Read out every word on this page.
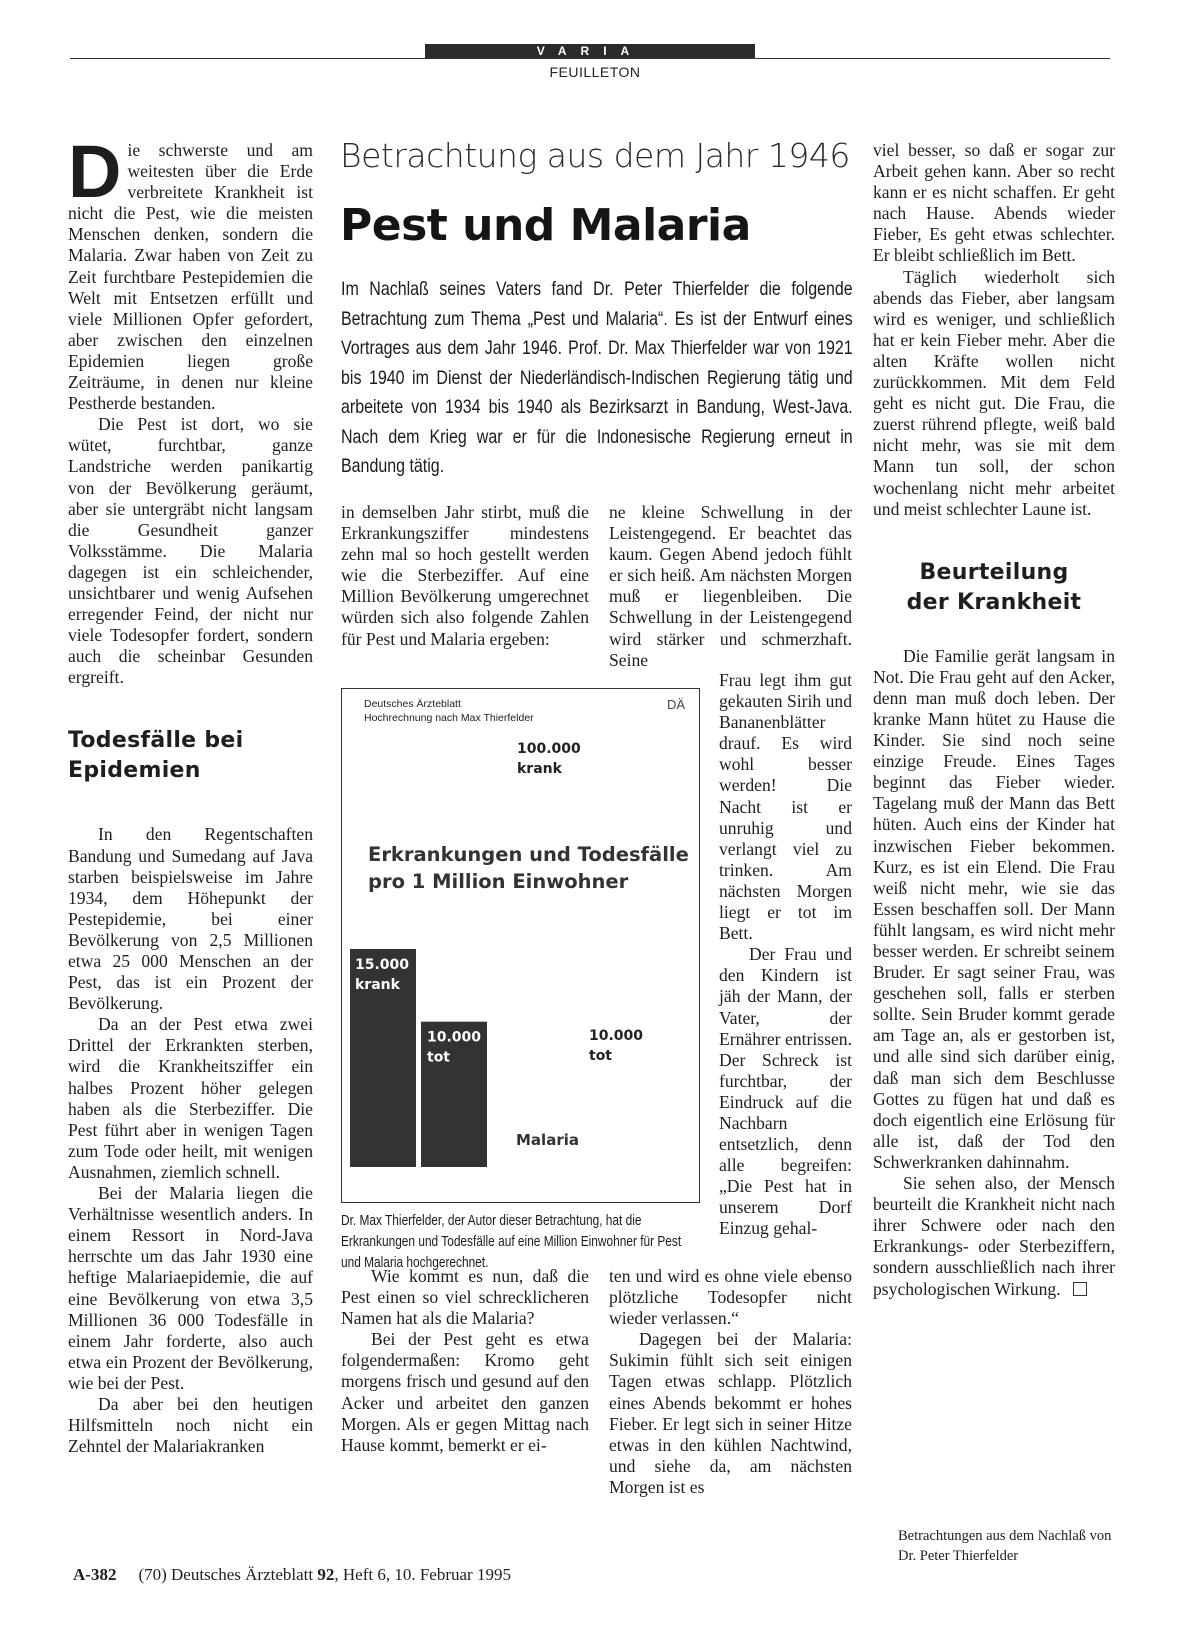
VARIA
FEUILLETON

Die schwerste und am weitesten über die Erde verbreitete Krankheit ist nicht die Pest, wie die meisten Menschen denken, sondern die Malaria. Zwar haben von Zeit zu Zeit furchtbare Pestepidemien die Welt mit Entsetzen erfüllt und viele Millionen Opfer gefordert, aber zwischen den einzelnen Epidemien liegen große Zeiträume, in denen nur kleine Pestherde bestanden.

Die Pest ist dort, wo sie wütet, furchtbar, ganze Landstriche werden panikartig von der Bevölkerung geräumt, aber sie untergräbt nicht langsam die Gesundheit ganzer Volksstämme. Die Malaria dagegen ist ein schleichender, unsichtbarer und wenig Aufsehen erregender Feind, der nicht nur viele Todesopfer fordert, sondern auch die scheinbar Gesunden ergreift.

Todesfälle bei
Epidemien

In den Regentschaften Bandung und Sumedang auf Java starben beispielsweise im Jahre 1934, dem Höhepunkt der Pestepidemie, bei einer Bevölkerung von 2,5 Millionen etwa 25 000 Menschen an der Pest, das ist ein Prozent der Bevölkerung.

Da an der Pest etwa zwei Drittel der Erkrankten sterben, wird die Krankheitsziffer ein halbes Prozent höher gelegen haben als die Sterbeziffer. Die Pest führt aber in wenigen Tagen zum Tode oder heilt, mit wenigen Ausnahmen, ziemlich schnell.

Bei der Malaria liegen die Verhältnisse wesentlich anders. In einem Ressort in Nord-Java herrschte um das Jahr 1930 eine heftige Malariaepidemie, die auf eine Bevölkerung von etwa 3,5 Millionen 36 000 Todesfälle in einem Jahr forderte, also auch etwa ein Prozent der Bevölkerung, wie bei der Pest.

Da aber bei den heutigen Hilfsmitteln noch nicht ein Zehntel der Malariakranken

Betrachtung aus dem Jahr 1946
Pest und Malaria
Im Nachlaß seines Vaters fand Dr. Peter Thierfelder die folgende Betrachtung zum Thema „Pest und Malaria“. Es ist der Entwurf eines Vortrages aus dem Jahr 1946. Prof. Dr. Max Thierfelder war von 1921 bis 1940 im Dienst der Niederländisch-Indischen Regierung tätig und arbeitete von 1934 bis 1940 als Bezirksarzt in Bandung, West-Java. Nach dem Krieg war er für die Indonesische Regierung erneut in Bandung tätig.

in demselben Jahr stirbt, muß die Erkrankungsziffer mindestens zehn mal so hoch gestellt werden wie die Sterbeziffer. Auf eine Million Bevölkerung umgerechnet würden sich also folgende Zahlen für Pest und Malaria ergeben:

Wie kommt es nun, daß die Pest einen so viel schrecklicheren Namen hat als die Malaria?

Bei der Pest geht es etwa folgendermaßen: Kromo geht morgens frisch und gesund auf den Acker und arbeitet den ganzen Morgen. Als er gegen Mittag nach Hause kommt, bemerkt er ei-

ne kleine Schwellung in der Leistengegend. Er beachtet das kaum. Gegen Abend jedoch fühlt er sich heiß. Am nächsten Morgen muß er liegenbleiben. Die Schwellung in der Leistengegend wird stärker und schmerzhaft. Seine

Frau legt ihm gut gekauten Sirih und Bananenblätter drauf. Es wird wohl besser werden! Die Nacht ist er unruhig und verlangt viel zu trinken. Am nächsten Morgen liegt er tot im Bett.

Der Frau und den Kindern ist jäh der Mann, der Vater, der Ernährer entrissen. Der Schreck ist furchtbar, der Eindruck auf die Nachbarn entsetzlich, denn alle begreifen: „Die Pest hat in unserem Dorf Einzug gehal-

ten und wird es ohne viele ebenso plötzliche Todesopfer nicht wieder verlassen.“

Dagegen bei der Malaria: Sukimin fühlt sich seit einigen Tagen etwas schlapp. Plötzlich eines Abends bekommt er hohes Fieber. Er legt sich in seiner Hitze etwas in den kühlen Nachtwind, und siehe da, am nächsten Morgen ist es

Deutsches Ärzteblatt
Hochrechnung nach Max Thierfelder
DÄ
Erkrankungen und Todesfälle
pro 1 Million Einwohner
15.000
krank
10.000
tot
100.000
krank
10.000
tot
Pest	Malaria
Dr. Max Thierfelder, der Autor dieser Betrachtung, hat die Erkrankungen und Todesfälle auf eine Million Einwohner für Pest und Malaria hochgerechnet.

viel besser, so daß er sogar zur Arbeit gehen kann. Aber so recht kann er es nicht schaffen. Er geht nach Hause. Abends wieder Fieber, Es geht etwas schlechter. Er bleibt schließlich im Bett.

Täglich wiederholt sich abends das Fieber, aber langsam wird es weniger, und schließlich hat er kein Fieber mehr. Aber die alten Kräfte wollen nicht zurückkommen. Mit dem Feld geht es nicht gut. Die Frau, die zuerst rührend pflegte, weiß bald nicht mehr, was sie mit dem Mann tun soll, der schon wochenlang nicht mehr arbeitet und meist schlechter Laune ist.

Beurteilung
der Krankheit

Die Familie gerät langsam in Not. Die Frau geht auf den Acker, denn man muß doch leben. Der kranke Mann hütet zu Hause die Kinder. Sie sind noch seine einzige Freude. Eines Tages beginnt das Fieber wieder. Tagelang muß der Mann das Bett hüten. Auch eins der Kinder hat inzwischen Fieber bekommen. Kurz, es ist ein Elend. Die Frau weiß nicht mehr, wie sie das Essen beschaffen soll. Der Mann fühlt langsam, es wird nicht mehr besser werden. Er schreibt seinem Bruder. Er sagt seiner Frau, was geschehen soll, falls er sterben sollte. Sein Bruder kommt gerade am Tage an, als er gestorben ist, und alle sind sich darüber einig, daß man sich dem Beschlusse Gottes zu fügen hat und daß es doch eigentlich eine Erlösung für alle ist, daß der Tod den Schwerkranken dahinnahm.

Sie sehen also, der Mensch beurteilt die Krankheit nicht nach ihrer Schwere oder nach den Erkrankungs- oder Sterbeziffern, sondern ausschließlich nach ihrer psychologischen Wirkung.

Betrachtungen aus dem Nachlaß von Dr. Peter Thierfelder
A-382 (70) Deutsches Ärzteblatt 92, Heft 6, 10. Februar 1995
